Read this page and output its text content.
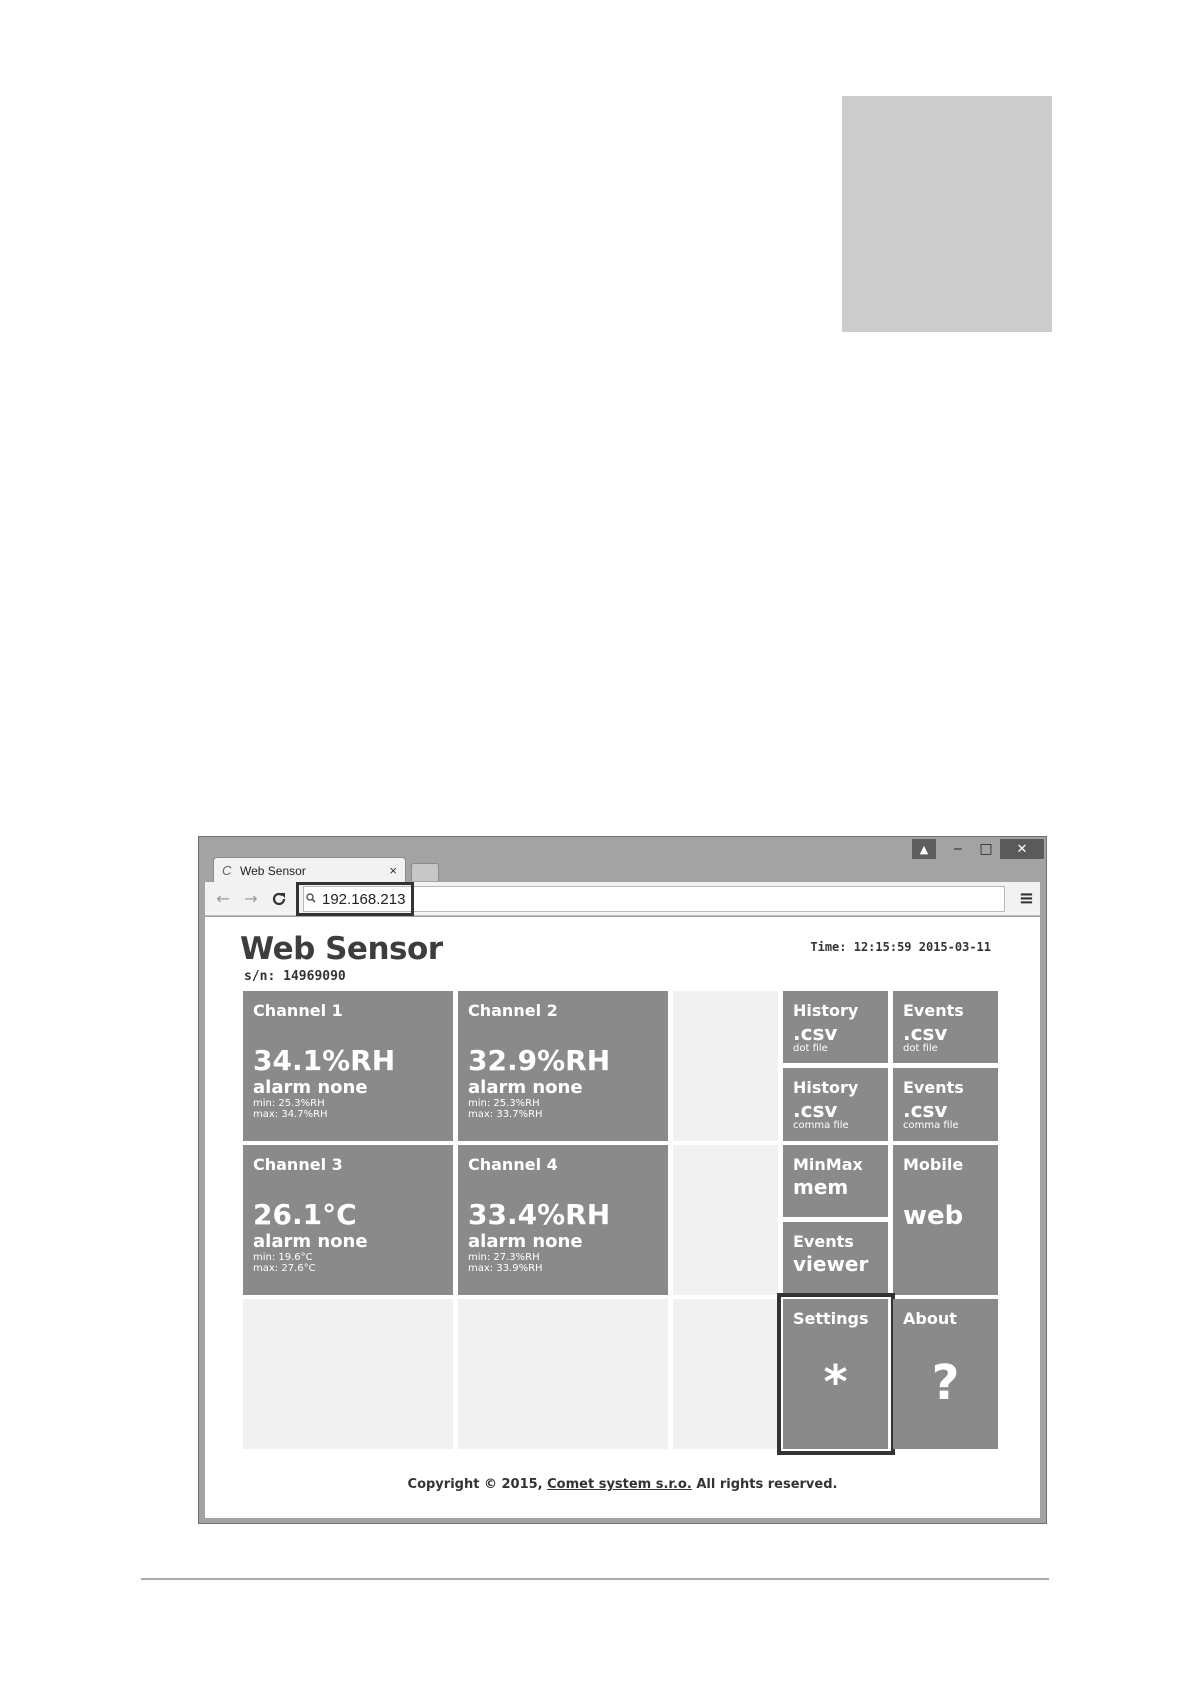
▲	‒	□	✕
C Web Sensor	×
← →	192.168.213	≡
Web Sensor
s/n: 14969090
Time: 12:15:59 2015-03-11
Channel 1
34.1%RH
alarm none
min: 25.3%RH
max: 34.7%RH
Channel 2
32.9%RH
alarm none
min: 25.3%RH
max: 33.7%RH
History
.csv
dot file
Events
.csv
dot file
History
.csv
comma file
Events
.csv
comma file
Channel 3
26.1°C
alarm none
min: 19.6°C
max: 27.6°C
Channel 4
33.4%RH
alarm none
min: 27.3%RH
max: 33.9%RH
MinMax
mem
Mobile
web
Events
viewer
Settings
*
About
?
Copyright © 2015, Comet system s.r.o. All rights reserved.
